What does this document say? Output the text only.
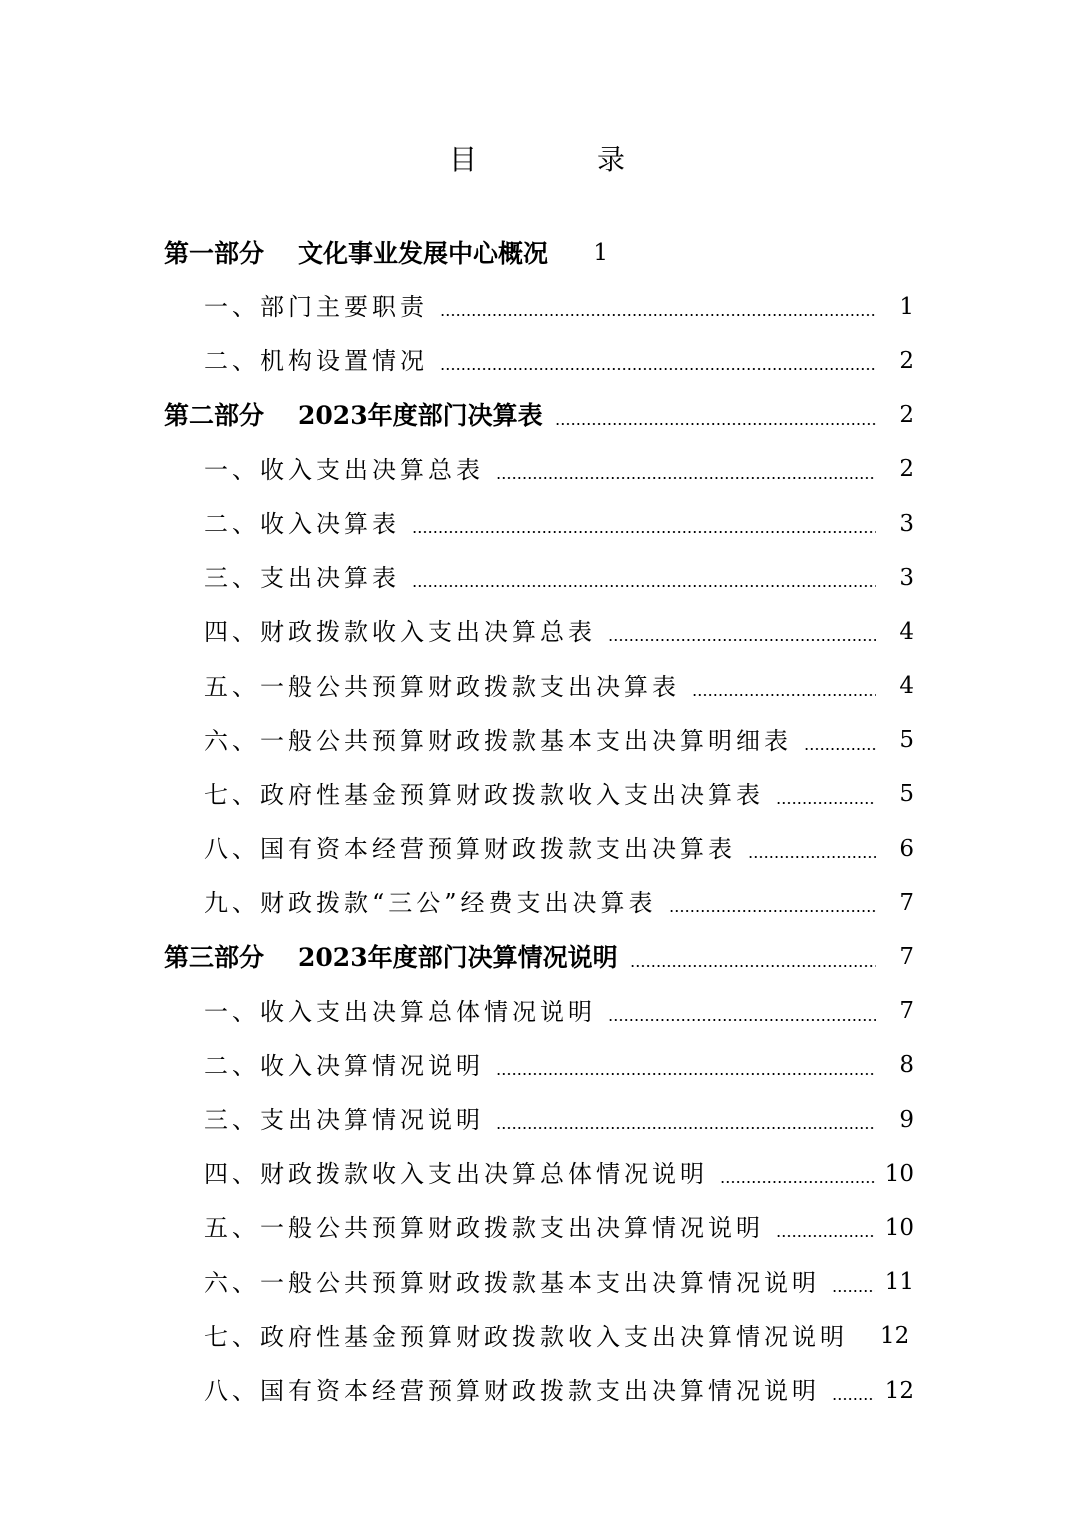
目	录
第一部分 文化事业发展中心概况	1
一、部门主要职责	1
二、机构设置情况	2
第二部分 2023年度部门决算表	2
一、收入支出决算总表	2
二、收入决算表	3
三、支出决算表	3
四、财政拨款收入支出决算总表	4
五、一般公共预算财政拨款支出决算表	4
六、一般公共预算财政拨款基本支出决算明细表	5
七、政府性基金预算财政拨款收入支出决算表	5
八、国有资本经营预算财政拨款支出决算表	6
九、财政拨款“三公”经费支出决算表	7
第三部分 2023年度部门决算情况说明	7
一、收入支出决算总体情况说明	7
二、收入决算情况说明	8
三、支出决算情况说明	9
四、财政拨款收入支出决算总体情况说明	10
五、一般公共预算财政拨款支出决算情况说明	10
六、一般公共预算财政拨款基本支出决算情况说明	11
七、政府性基金预算财政拨款收入支出决算情况说明 12
八、国有资本经营预算财政拨款支出决算情况说明	12
